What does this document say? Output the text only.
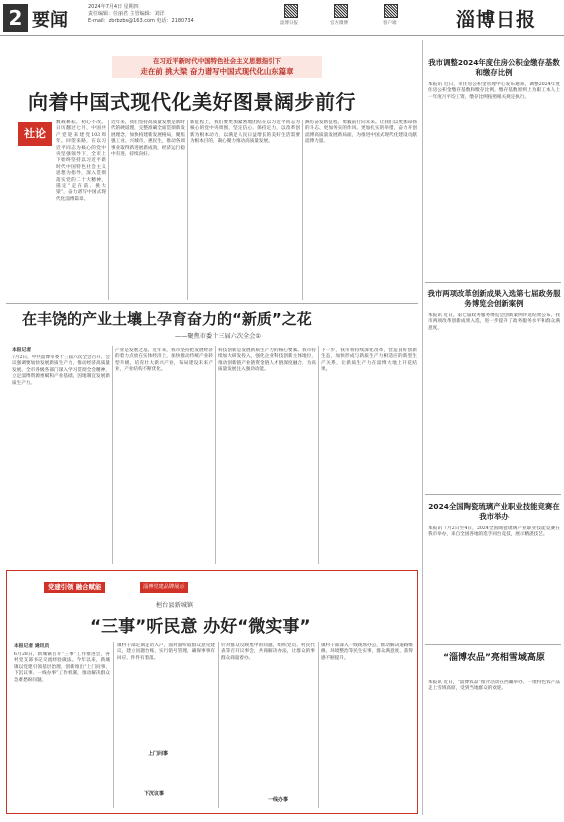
2 要闻
2024年7月4日 星期四
责任编辑：任丽君 主管编辑：刘洋
E-mail：zbrbzbs@163.com 电话：2180734	淄博日报	官方微博	客户端	淄博日报
在习近平新时代中国特色社会主义思想指引下
走在前 挑大梁 奋力谱写中国式现代化山东篇章
向着中国式现代化美好图景阔步前行
社论
数载耕耘，初心不改。日历翻过七月，中国共产党迎来建党103周年。回望来路，在以习近平同志为核心的党中央坚强领导下，全市上下始终坚持以习近平新时代中国特色社会主义思想为指导，深入贯彻落实党的二十大精神，锚定“走在前、挑大梁”，奋力谱写中国式现代化淄博篇章。
近年来，我们坚持高质量发展是新时代的硬道理，完整准确全面贯彻新发展理念，加快构建新发展格局，聚焦强工业、兴城市、惠民生，推动各项事业取得新进展新成效，经济运行稳中有进、持续向好。
新征程上，我们要更加紧密地团结在以习近平同志为核心的党中央周围，坚定信心、保持定力，以改革创新为根本动力，以满足人民日益增长的美好生活需要为根本目的，凝心聚力推动高质量发展。
踔厉奋发新征程，勇毅前行向未来。让我们以更加昂扬的斗志、更加务实的作风、更加扎实的举措，奋力开创淄博高质量发展新局面，为推进中国式现代化建设贡献淄博力量。
在丰饶的产业土壤上孕育奋力的“新质”之花
——聚焦市委十三届六次全会①
本报记者
7月2日，中共淄博市委十三届六次全会召开。会议强调要加快发展新质生产力，推动经济高质量发展。全市各级各部门深入学习贯彻全会精神，立足淄博资源禀赋和产业基础，因地制宜发展新质生产力。
产业是发展之基。近年来，我市坚持把发展经济的着力点放在实体经济上，加快推动传统产业转型升级，培育壮大新兴产业，布局建设未来产业，产业结构不断优化。
科技创新是发展新质生产力的核心要素。我市持续加大研发投入，强化企业科技创新主体地位，推动创新链产业链资金链人才链深度融合，为高质量发展注入强劲动能。
下一步，我市将持续深化改革，营造良好创新生态，加快形成与新质生产力相适应的新型生产关系，让新质生产力在淄博大地上开花结果。
党建引领 融合赋能	淄博党建品牌展示
桓台县新城镇
“三事”听民意 办好“微实事”
本报记者 通讯员
6月28日，新城镇召开“三事”工作推进会，各村党支部书记交流经验做法。今年以来，新城镇以党建引领基层治理，创新推出“上门问事、下沉议事、一线办事”工作机制，推动解决群众急难愁盼问题。
镇村干部定期走访入户，面对面听取群众意见建议，建立问题台账，实行销号管理，确保事事有回应、件件有着落。
上门问事
针对群众反映集中的问题，组织党员、村民代表等召开议事会，共商解决办法，让群众的事群众商量着办。
下沉议事
镇村干部深入一线现场办公，推动解决道路维修、环境整治等民生实事，群众满意度、获得感不断提升。
一线办事
我市调整2024年度住房公积金缴存基数和缴存比例
本报讯 近日，市住房公积金管理中心发布通知，调整2024年度住房公积金缴存基数和缴存比例。缴存基数原则上为职工本人上一年度月平均工资，缴存比例按照相关规定执行。
我市两项改革创新成果入选第七届政务服务博览会创新案例
本报讯 近日，第七届政务服务博览会创新案例评选结果公布，我市两项改革创新成果入选，进一步提升了政务服务水平和群众满意度。
2024全国陶瓷琉璃产业职业技能竞赛在我市举办
本报讯 7月2日至4日，2024全国陶瓷琉璃产业职业技能竞赛在我市举办，来自全国各地的选手同台竞技，展示精湛技艺。
“淄博农品”亮相雪域高原
本报讯 近日，“淄博农品”推介活动在西藏举办，一批特色农产品走上雪域高原，受到当地群众的欢迎。
